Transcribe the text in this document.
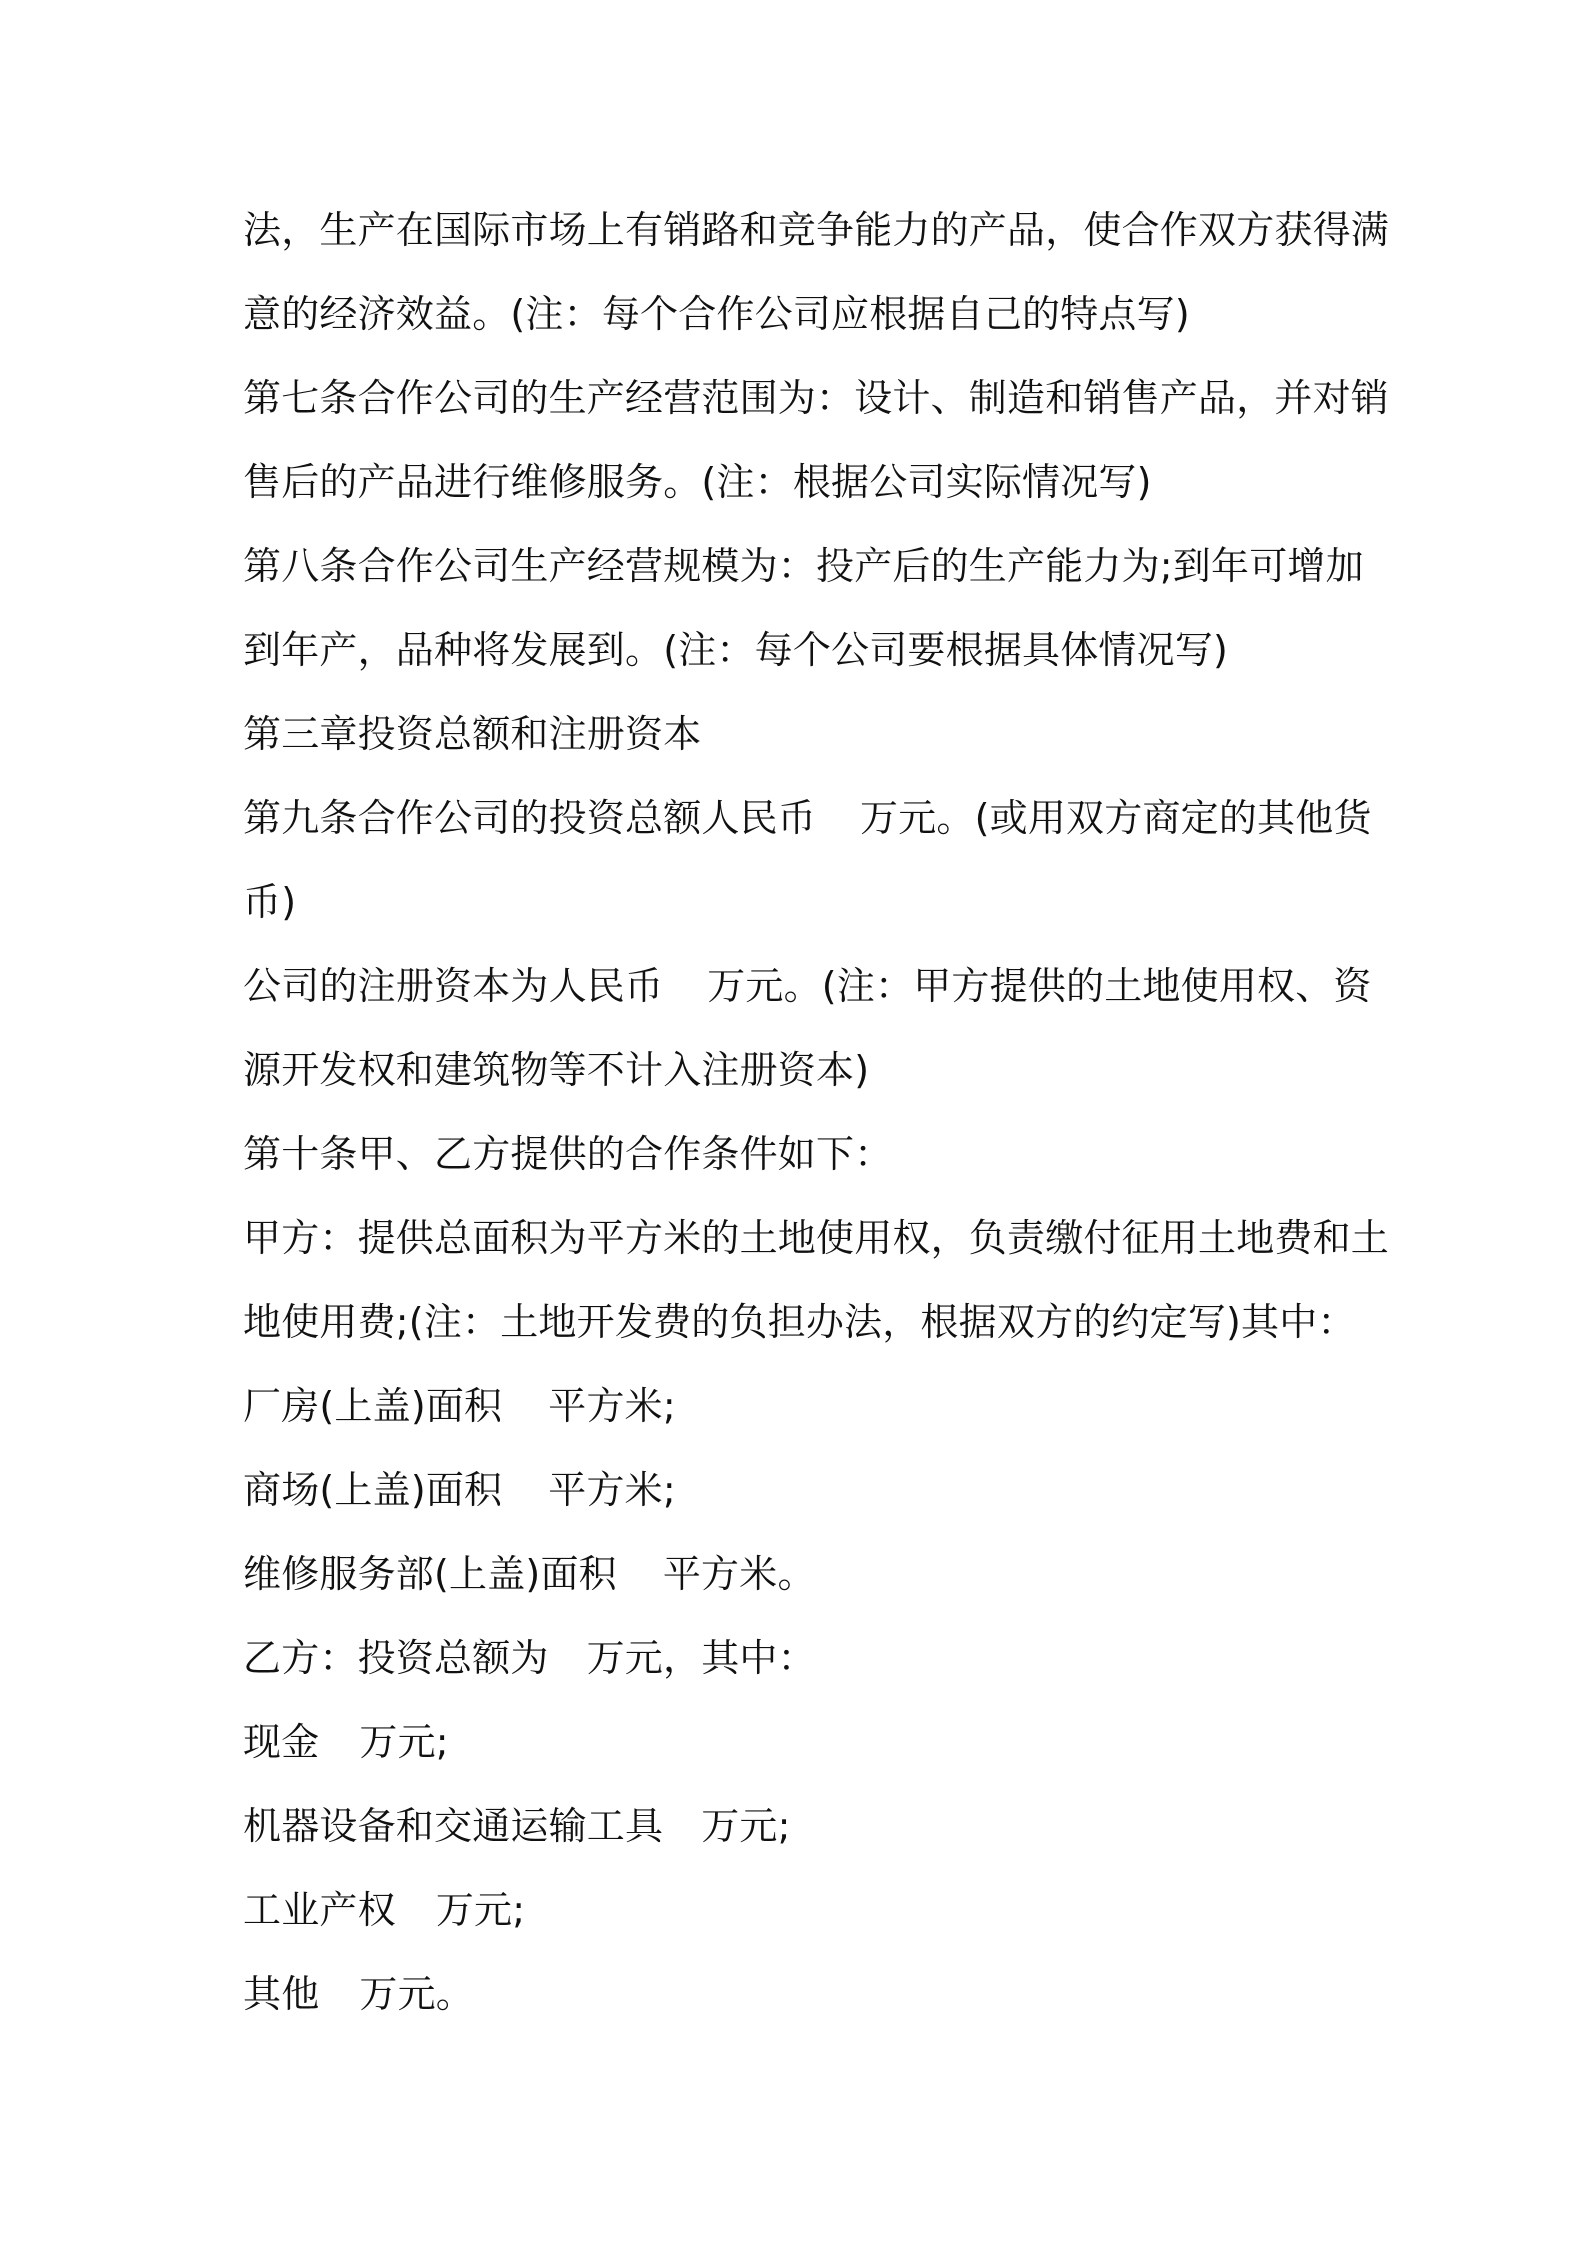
法，生产在国际市场上有销路和竞争能力的产品，使合作双方获得满
意的经济效益。(注：每个合作公司应根据自己的特点写)
第七条合作公司的生产经营范围为：设计、制造和销售产品，并对销
售后的产品进行维修服务。(注：根据公司实际情况写)
第八条合作公司生产经营规模为：投产后的生产能力为;到年可增加
到年产，品种将发展到。(注：每个公司要根据具体情况写)
第三章投资总额和注册资本
第九条合作公司的投资总额人民币 万元。(或用双方商定的其他货
币)
公司的注册资本为人民币 万元。(注：甲方提供的土地使用权、资
源开发权和建筑物等不计入注册资本)
第十条甲、乙方提供的合作条件如下：
甲方：提供总面积为平方米的土地使用权，负责缴付征用土地费和土
地使用费;(注：土地开发费的负担办法，根据双方的约定写)其中：
厂房(上盖)面积 平方米;
商场(上盖)面积 平方米;
维修服务部(上盖)面积 平方米。
乙方：投资总额为 万元，其中：
现金 万元;
机器设备和交通运输工具 万元;
工业产权 万元;
其他 万元。
